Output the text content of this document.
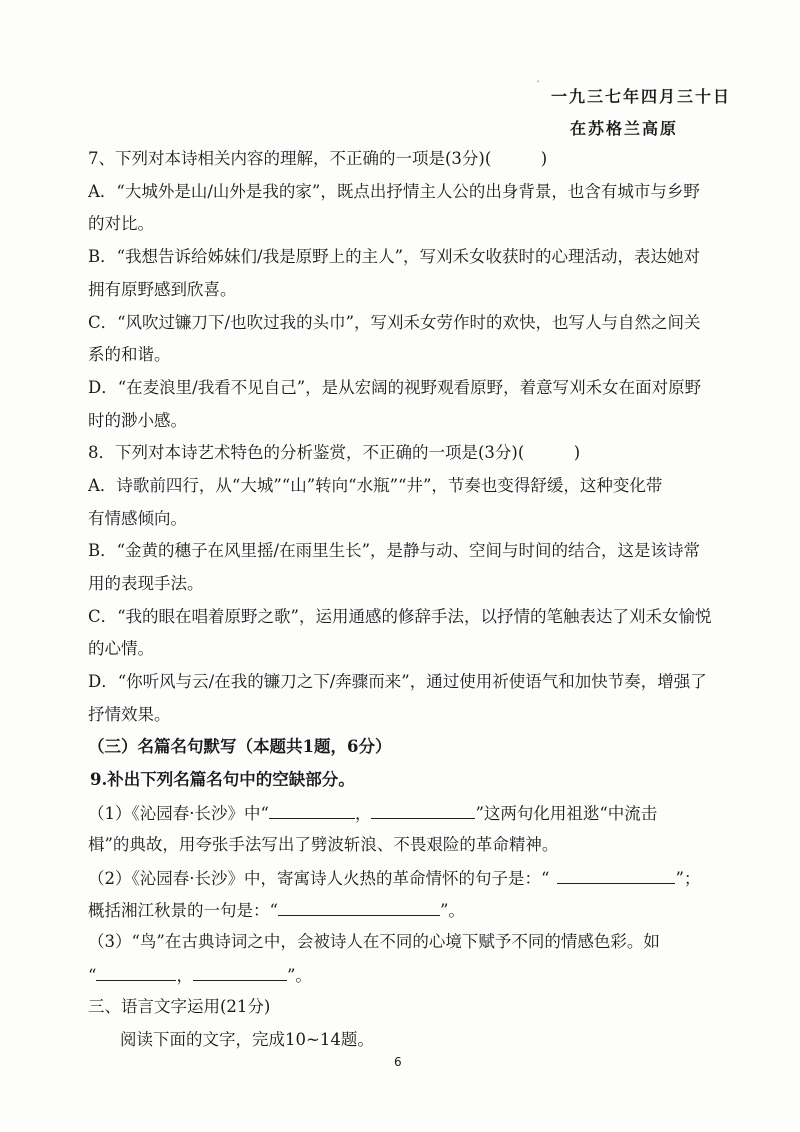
′
一九三七年四月三十日
在苏格兰高原
7、下列对本诗相关内容的理解，不正确的一项是(3分)(　　　)
A．“大城外是山/山外是我的家”，既点出抒情主人公的出身背景，也含有城市与乡野
的对比。
B．“我想告诉给姊妹们/我是原野上的主人”，写刈禾女收获时的心理活动，表达她对
拥有原野感到欣喜。
C．“风吹过镰刀下/也吹过我的头巾”，写刈禾女劳作时的欢快，也写人与自然之间关
系的和谐。
D．“在麦浪里/我看不见自己”，是从宏阔的视野观看原野，着意写刈禾女在面对原野
时的渺小感。
8．下列对本诗艺术特色的分析鉴赏，不正确的一项是(3分)(　　　)
A．诗歌前四行，从“大城”“山”转向“水瓶”“井”，节奏也变得舒缓，这种变化带
有情感倾向。
B．“金黄的穗子在风里摇/在雨里生长”，是静与动、空间与时间的结合，这是该诗常
用的表现手法。
C．“我的眼在唱着原野之歌”，运用通感的修辞手法，以抒情的笔触表达了刈禾女愉悦
的心情。
D．“你听风与云/在我的镰刀之下/奔骤而来”，通过使用祈使语气和加快节奏，增强了
抒情效果。
（三）名篇名句默写（本题共1题，6分）
9.补出下列名篇名句中的空缺部分。
（1）《沁园春·长沙》中“	，	”这两句化用祖逖“中流击
楫”的典故，用夸张手法写出了劈波斩浪、不畏艰险的革命精神。
（2）《沁园春·长沙》中，寄寓诗人火热的革命情怀的句子是：“	”；
概括湘江秋景的一句是：“	”。
（3）“鸟”在古典诗词之中，会被诗人在不同的心境下赋予不同的情感色彩。如
“	，	”。
三、语言文字运用(21分)
阅读下面的文字，完成10~14题。
6
